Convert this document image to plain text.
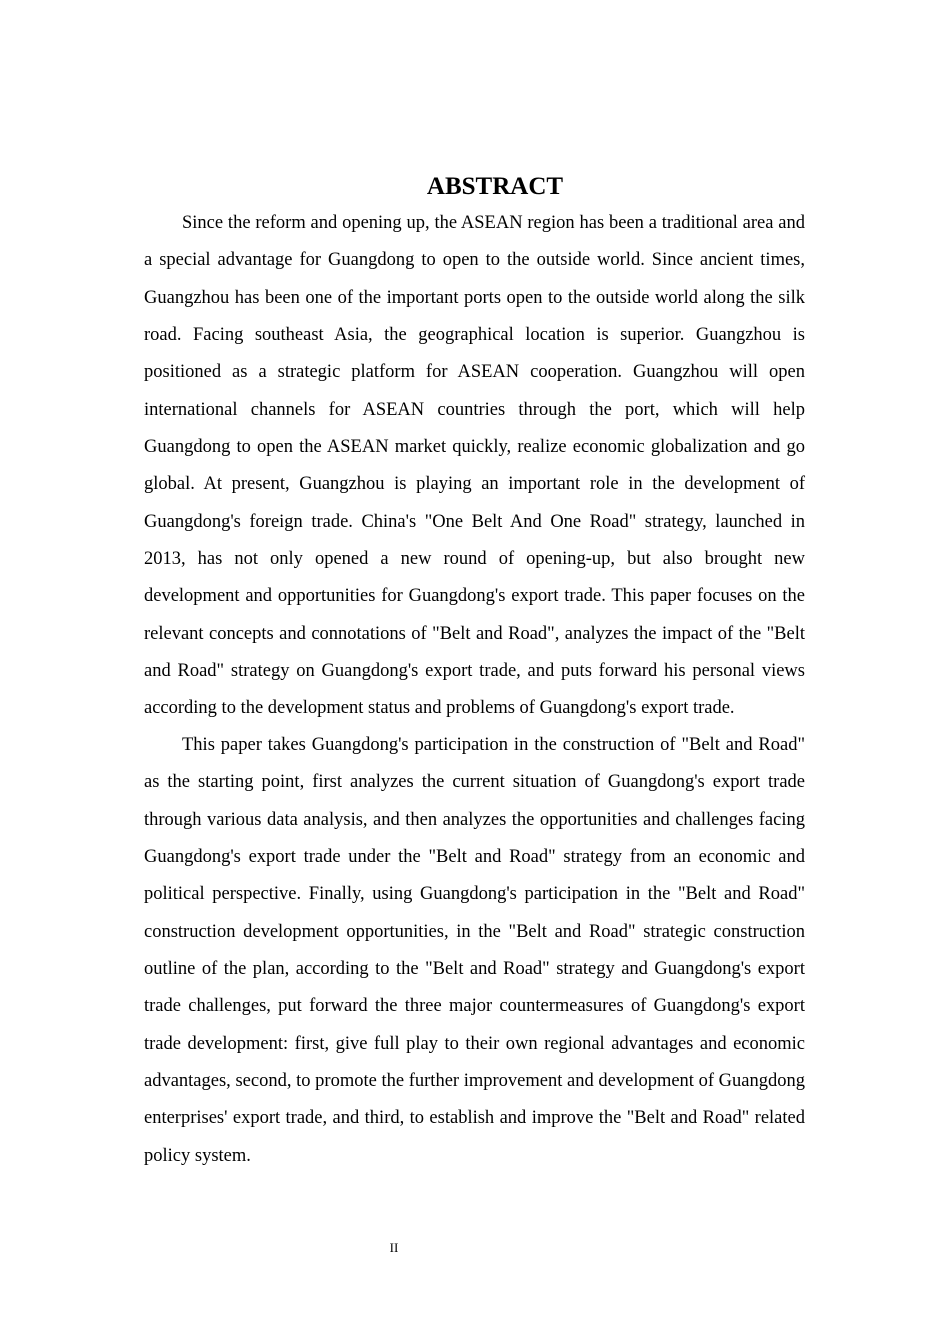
ABSTRACT

Since the reform and opening up, the ASEAN region has been a traditional area and a special advantage for Guangdong to open to the outside world. Since ancient times, Guangzhou has been one of the important ports open to the outside world along the silk road. Facing southeast Asia, the geographical location is superior. Guangzhou is positioned as a strategic platform for ASEAN cooperation. Guangzhou will open international channels for ASEAN countries through the port, which will help Guangdong to open the ASEAN market quickly, realize economic globalization and go global. At present, Guangzhou is playing an important role in the development of Guangdong's foreign trade. China's "One Belt And One Road" strategy, launched in 2013, has not only opened a new round of opening-up, but also brought new development and opportunities for Guangdong's export trade. This paper focuses on the relevant concepts and connotations of "Belt and Road", analyzes the impact of the "Belt and Road" strategy on Guangdong's export trade, and puts forward his personal views according to the development status and problems of Guangdong's export trade.

This paper takes Guangdong's participation in the construction of "Belt and Road" as the starting point, first analyzes the current situation of Guangdong's export trade through various data analysis, and then analyzes the opportunities and challenges facing Guangdong's export trade under the "Belt and Road" strategy from an economic and political perspective. Finally, using Guangdong's participation in the "Belt and Road" construction development opportunities, in the "Belt and Road" strategic construction outline of the plan, according to the "Belt and Road" strategy and Guangdong's export trade challenges, put forward the three major countermeasures of Guangdong's export trade development: first, give full play to their own regional advantages and economic advantages, second, to promote the further improvement and development of Guangdong enterprises' export trade, and third, to establish and improve the "Belt and Road" related policy system.

II
